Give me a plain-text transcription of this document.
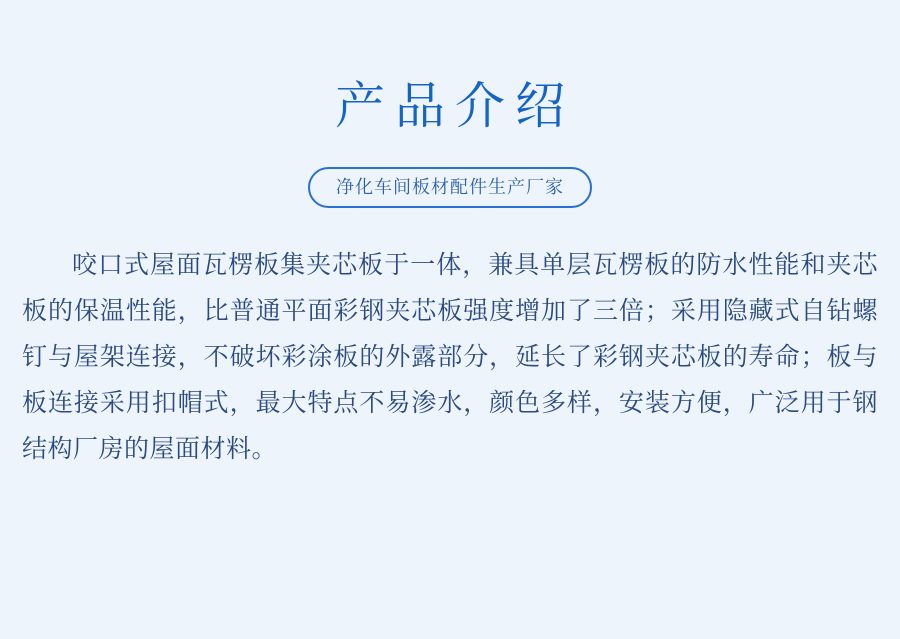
产品介绍
净化车间板材配件生产厂家

咬口式屋面瓦楞板集夹芯板于一体，兼具单层瓦楞板的防水性能和夹芯板的保温性能，比普通平面彩钢夹芯板强度增加了三倍；采用隐藏式自钻螺钉与屋架连接，不破坏彩涂板的外露部分，延长了彩钢夹芯板的寿命；板与板连接采用扣帽式，最大特点不易渗水，颜色多样，安装方便，广泛用于钢结构厂房的屋面材料。
